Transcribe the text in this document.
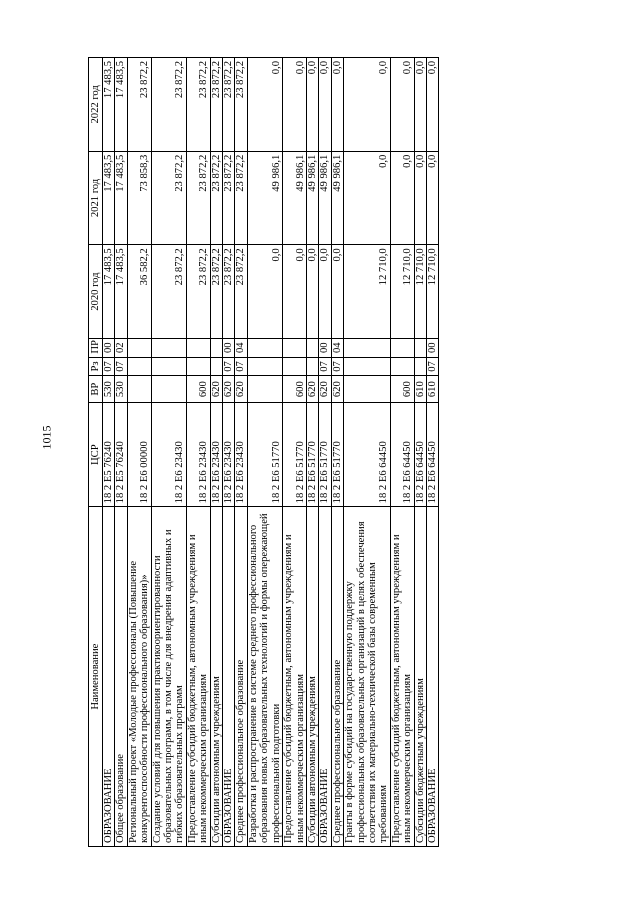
1015
Наименование	ЦСР	ВР	Рз	ПР	2020 год	2021 год	2022 год
ОБРАЗОВАНИЕ	18 2 E5 76240	530	07	00	17 483,5	17 483,5	17 483,5
Общее образование	18 2 E5 76240	530	07	02	17 483,5	17 483,5	17 483,5
Региональный проект «Молодые профессионалы (Повышение конкурентоспособности профессионального образования)»	18 2 E6 00000				36 582,2	73 858,3	23 872,2
Создание условий для повышения практикоориентированности образовательных программ, в том числе для внедрения адаптивных и гибких образовательных программ	18 2 E6 23430				23 872,2	23 872,2	23 872,2
Предоставление субсидий бюджетным, автономным учреждениям и иным некоммерческим организациям	18 2 E6 23430	600			23 872,2	23 872,2	23 872,2
Субсидии автономным учреждениям	18 2 E6 23430	620			23 872,2	23 872,2	23 872,2
ОБРАЗОВАНИЕ	18 2 E6 23430	620	07	00	23 872,2	23 872,2	23 872,2
Среднее профессиональное образование	18 2 E6 23430	620	07	04	23 872,2	23 872,2	23 872,2
Разработка и распространение в системе среднего профессионального образования новых образовательных технологий и формы опережающей профессиональной подготовки	18 2 E6 51770				0,0	49 986,1	0,0
Предоставление субсидий бюджетным, автономным учреждениям и иным некоммерческим организациям	18 2 E6 51770	600			0,0	49 986,1	0,0
Субсидии автономным учреждениям	18 2 E6 51770	620			0,0	49 986,1	0,0
ОБРАЗОВАНИЕ	18 2 E6 51770	620	07	00	0,0	49 986,1	0,0
Среднее профессиональное образование	18 2 E6 51770	620	07	04	0,0	49 986,1	0,0
Гранты в форме субсидий на государственную поддержку профессиональных образовательных организаций в целях обеспечения соответствия их материально-технической базы современным требованиям	18 2 E6 64450				12 710,0	0,0	0,0
Предоставление субсидий бюджетным, автономным учреждениям и иным некоммерческим организациям	18 2 E6 64450	600			12 710,0	0,0	0,0
Субсидии бюджетным учреждениям	18 2 E6 64450	610			12 710,0	0,0	0,0
ОБРАЗОВАНИЕ	18 2 E6 64450	610	07	00	12 710,0	0,0	0,0
